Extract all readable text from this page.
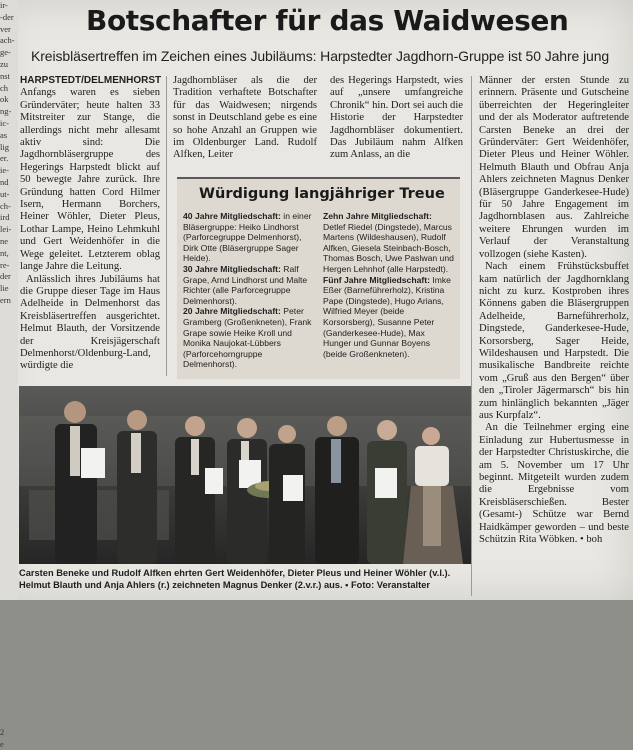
ir-
-der
ver
ach-
ge-
zu
nst
ch
ok
ng-
ic-
as
lig
er.
ie-
nd
ut-
ch-
ird
lei-
ne
nt,
re-
der
lie
ern
2
e
Botschafter für das Waidwesen
Kreisbläsertreffen im Zeichen eines Jubiläums: Harpstedter Jagdhorn-Gruppe ist 50 Jahre jung

HARPSTEDT/DELMENHORST
Anfangs waren es sieben Gründerväter; heute halten 33 Mitstreiter zur Stange, die allerdings nicht mehr allesamt aktiv sind: Die Jagdhornbläsergruppe des Hegerings Harpstedt blickt auf 50 bewegte Jahre zurück. Ihre Gründung hatten Cord Hilmer Isern, Hermann Borchers, Heiner Wöhler, Dieter Pleus, Lothar Lampe, Heino Lehmkuhl und Gert Weidenhöfer in die Wege geleitet. Letzterem oblag lange Jahre die Leitung.

Anlässlich ihres Jubiläums hat die Gruppe dieser Tage im Haus Adelheide in Delmenhorst das Kreisbläsertreffen ausgerichtet. Helmut Blauth, der Vorsitzende der Kreisjägerschaft Delmenhorst/Oldenburg-Land, würdigte die

Jagdhornbläser als die der Tradition verhaftete Botschafter für das Waidwesen; nirgends sonst in Deutschland gebe es eine so hohe Anzahl an Gruppen wie im Oldenburger Land. Rudolf Alfken, Leiter

des Hegerings Harpstedt, wies auf „unsere umfangreiche Chronik“ hin. Dort sei auch die Historie der Harpstedter Jagdhornbläser dokumentiert. Das Jubiläum nahm Alfken zum Anlass, an die

Männer der ersten Stunde zu erinnern. Präsente und Gutscheine überreichten der Hegeringleiter und der als Moderator auftretende Carsten Beneke an drei der Gründerväter: Gert Weidenhöfer, Dieter Pleus und Heiner Wöhler. Helmuth Blauth und Obfrau Anja Ahlers zeichneten Magnus Denker (Bläsergruppe Ganderkesee-Hude) für 50 Jahre Engagement im Jagdhornblasen aus. Zahlreiche weitere Ehrungen wurden im Verlauf der Veranstaltung vollzogen (siehe Kasten).

Nach einem Frühstücksbuffet kam natürlich der Jagdhornklang nicht zu kurz. Kostproben ihres Könnens gaben die Bläsergruppen Adelheide, Barneführerholz, Dingstede, Ganderkesee-Hude, Korsorsberg, Sager Heide, Wildeshausen und Harpstedt. Die musikalische Bandbreite reichte vom „Gruß aus den Bergen“ über den „Tiroler Jägermarsch“ bis hin zum hinlänglich bekannten „Jäger aus Kurpfalz“.

An die Teilnehmer erging eine Einladung zur Hubertusmesse in der Harpstedter Christuskirche, die am 5. November um 17 Uhr beginnt. Mitgeteilt wurden zudem die Ergebnisse vom Kreisbläserschießen. Bester (Gesamt-) Schütze war Bernd Haidkämper geworden – und beste Schützin Rita Wöbken. • boh

Würdigung langjähriger Treue

40 Jahre Mitgliedschaft: in einer Bläsergruppe: Heiko Lindhorst (Parforcegruppe Delmenhorst), Dirk Otte (Bläsergruppe Sager Heide).

30 Jahre Mitgliedschaft: Ralf Grape, Arnd Lindhorst und Malte Richter (alle Parforcegruppe Delmenhorst).

20 Jahre Mitgliedschaft: Peter Gramberg (Großenkneten), Frank Grape sowie Heike Kroll und Monika Naujokat-Lübbers (Parforcehorngruppe Delmenhorst).

Zehn Jahre Mitgliedschaft: Detlef Riedel (Dingstede), Marcus Martens (Wildeshausen), Rudolf Alfken, Giesela Steinbach-Bosch, Thomas Bosch, Uwe Paslwan und Hergen Lehnhof (alle Harpstedt).

Fünf Jahre Mitgliedschaft: Imke Eßer (Barneführerholz), Kristina Pape (Dingstede), Hugo Arians, Wilfried Meyer (beide Korsorsberg), Susanne Peter (Ganderkesee-Hude), Max Hunger und Gunnar Boyens (beide Großenkneten).

Carsten Beneke und Rudolf Alfken ehrten Gert Weidenhöfer, Dieter Pleus und Heiner Wöhler (v.l.). Helmut Blauth und Anja Ahlers (r.) zeichneten Magnus Denker (2.v.r.) aus. • Foto: Veranstalter
